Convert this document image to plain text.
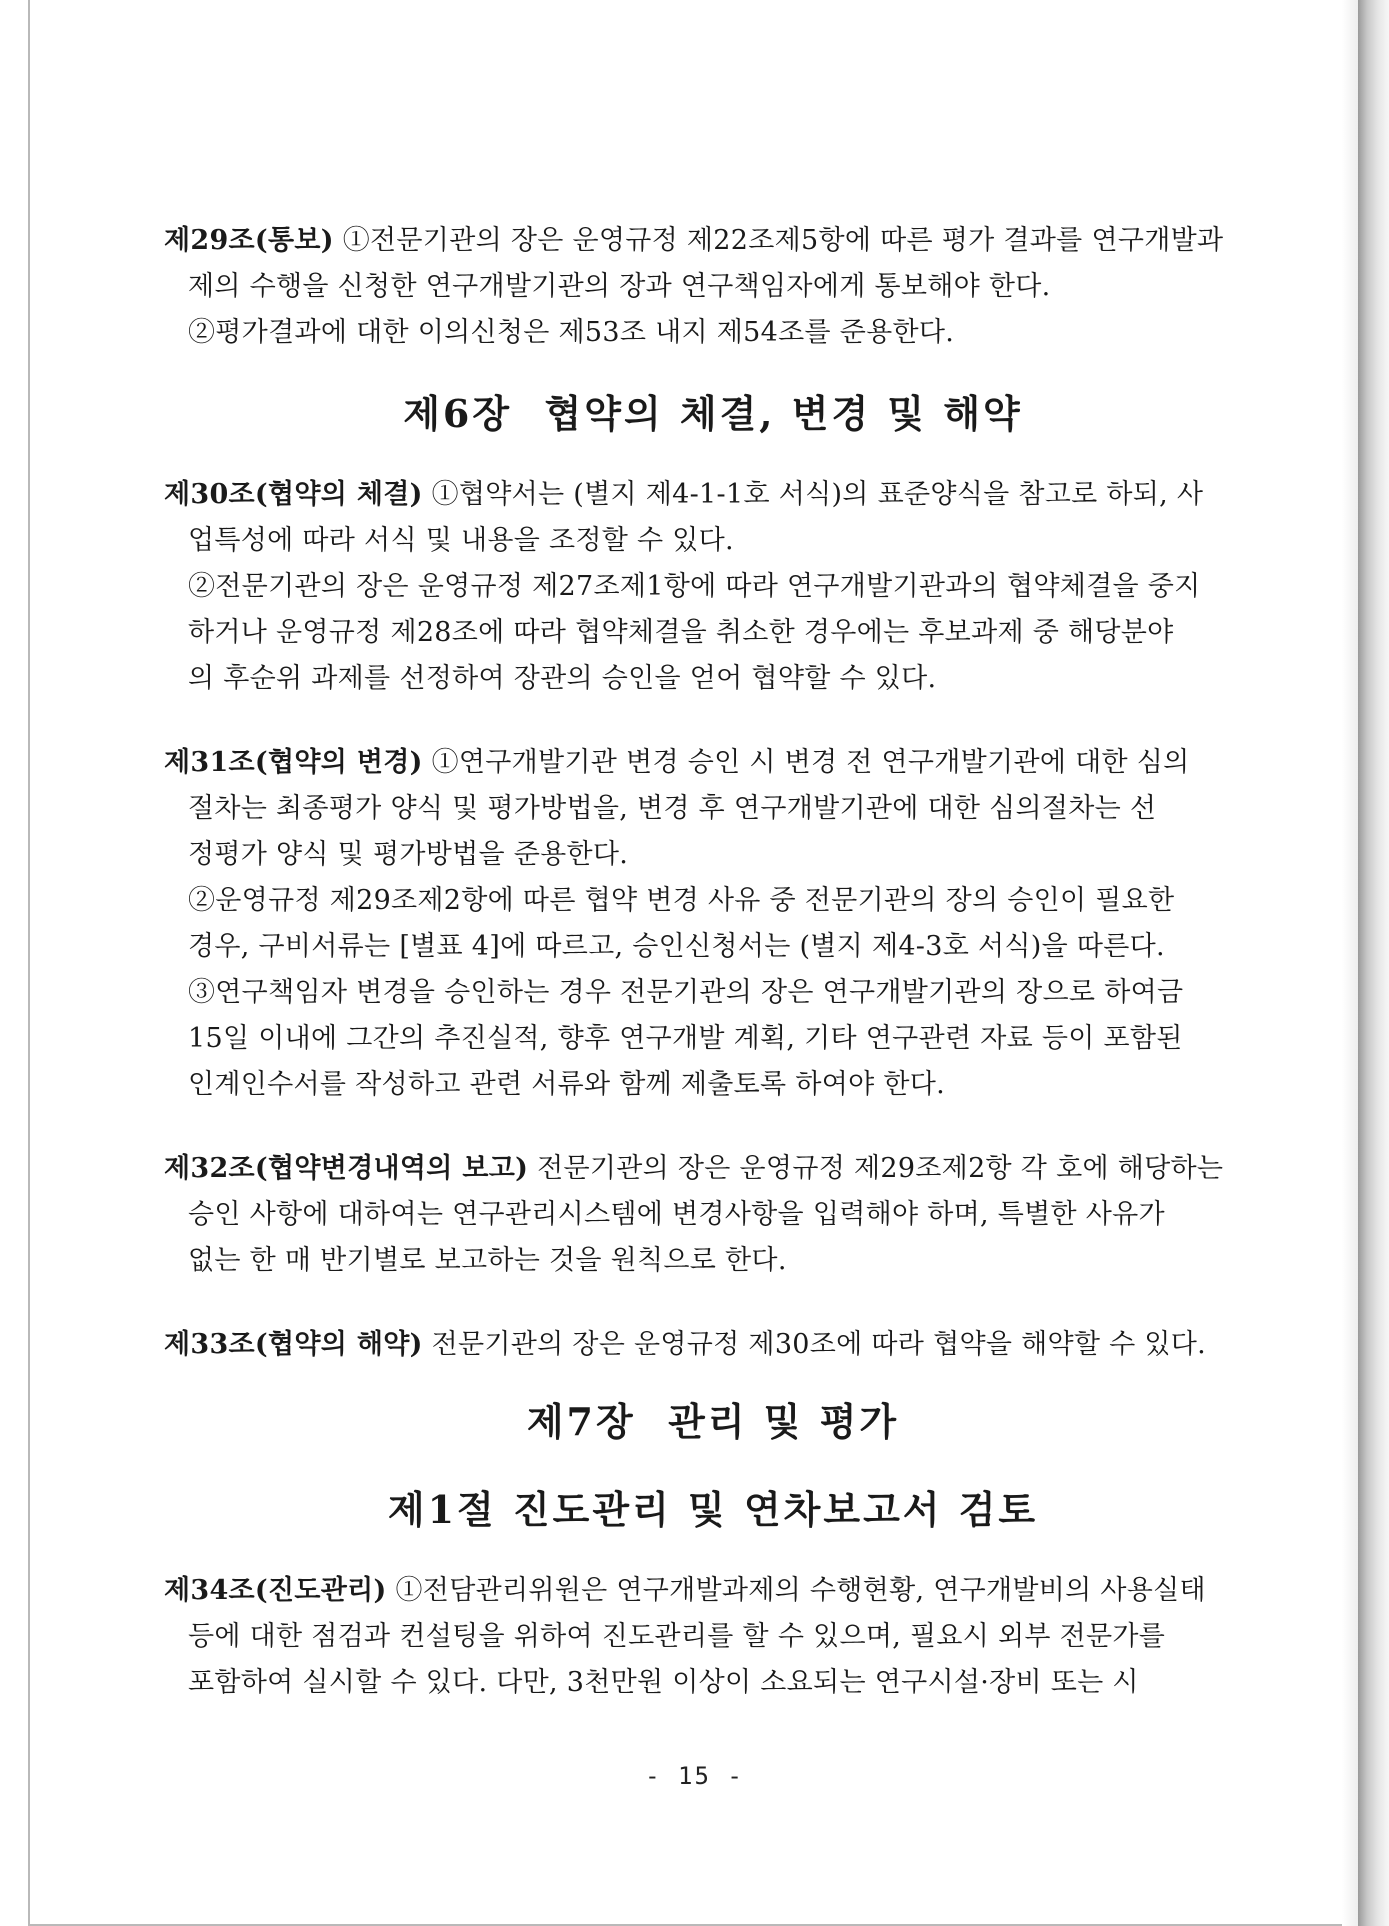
제29조(통보) ①전문기관의 장은 운영규정 제22조제5항에 따른 평가 결과를 연구개발과

제의 수행을 신청한 연구개발기관의 장과 연구책임자에게 통보해야 한다.

②평가결과에 대한 이의신청은 제53조 내지 제54조를 준용한다.

제6장  협약의 체결, 변경 및 해약

제30조(협약의 체결) ①협약서는 (별지 제4-1-1호 서식)의 표준양식을 참고로 하되, 사

업특성에 따라 서식 및 내용을 조정할 수 있다.

②전문기관의 장은 운영규정 제27조제1항에 따라 연구개발기관과의 협약체결을 중지

하거나 운영규정 제28조에 따라 협약체결을 취소한 경우에는 후보과제 중 해당분야

의 후순위 과제를 선정하여 장관의 승인을 얻어 협약할 수 있다.

제31조(협약의 변경) ①연구개발기관 변경 승인 시 변경 전 연구개발기관에 대한 심의

절차는 최종평가 양식 및 평가방법을, 변경 후 연구개발기관에 대한 심의절차는 선

정평가 양식 및 평가방법을 준용한다.

②운영규정 제29조제2항에 따른 협약 변경 사유 중 전문기관의 장의 승인이 필요한

경우, 구비서류는 [별표 4]에 따르고, 승인신청서는 (별지 제4-3호 서식)을 따른다.

③연구책임자 변경을 승인하는 경우 전문기관의 장은 연구개발기관의 장으로 하여금

15일 이내에 그간의 추진실적, 향후 연구개발 계획, 기타 연구관련 자료 등이 포함된

인계인수서를 작성하고 관련 서류와 함께 제출토록 하여야 한다.

제32조(협약변경내역의 보고) 전문기관의 장은 운영규정 제29조제2항 각 호에 해당하는

승인 사항에 대하여는 연구관리시스템에 변경사항을 입력해야 하며, 특별한 사유가

없는 한 매 반기별로 보고하는 것을 원칙으로 한다.

제33조(협약의 해약) 전문기관의 장은 운영규정 제30조에 따라 협약을 해약할 수 있다.

제7장  관리 및 평가
제1절 진도관리 및 연차보고서 검토

제34조(진도관리) ①전담관리위원은 연구개발과제의 수행현황, 연구개발비의 사용실태

등에 대한 점검과 컨설팅을 위하여 진도관리를 할 수 있으며, 필요시 외부 전문가를

포함하여 실시할 수 있다. 다만, 3천만원 이상이 소요되는 연구시설·장비 또는 시

- 15 -
